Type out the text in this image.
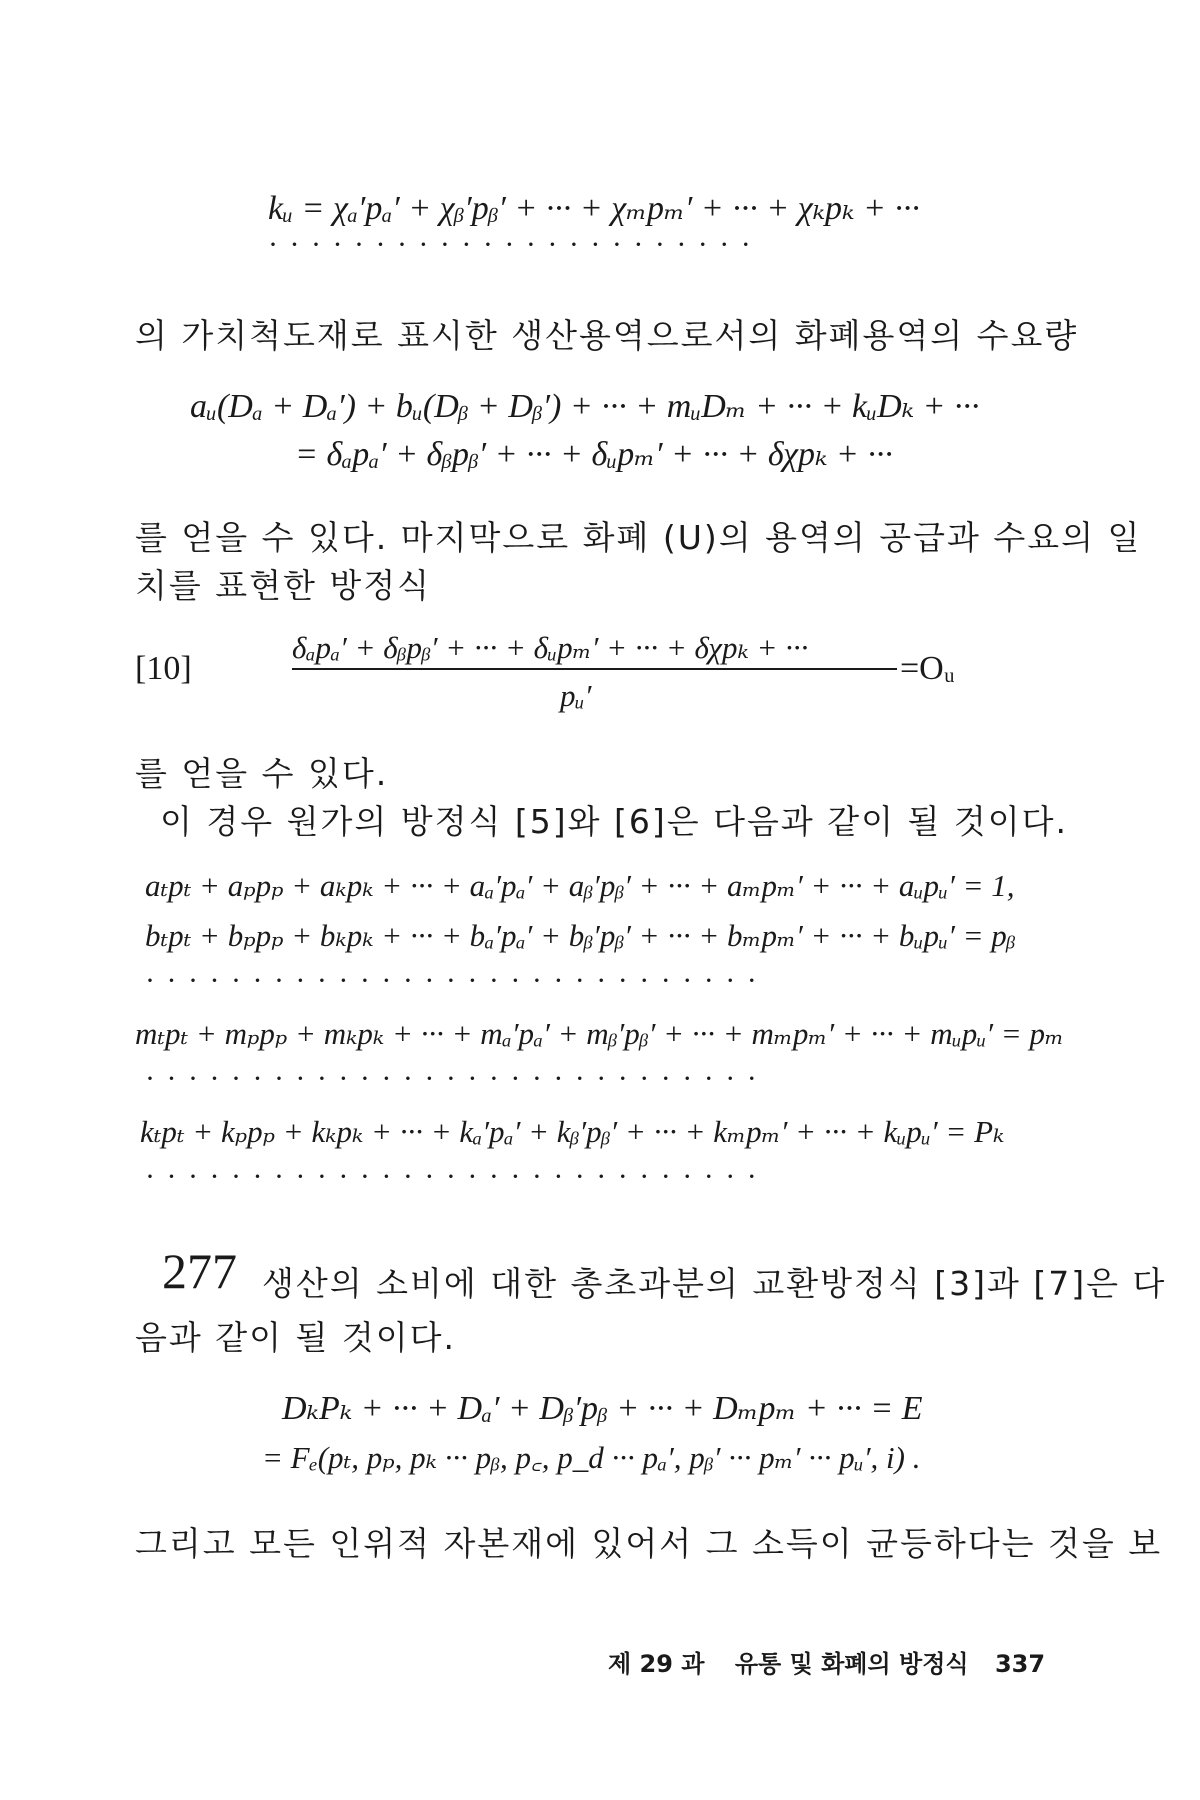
kᵤ = χₐ′pₐ′ + χᵦ′pᵦ′ + ··· + χₘpₘ′ + ··· + χₖpₖ + ···
· · · · · · · · · · · · · · · · · · · · · · ·
의 가치척도재로 표시한 생산용역으로서의 화폐용역의 수요량
aᵤ(Dₐ + Dₐ′) + bᵤ(Dᵦ + Dᵦ′) + ··· + mᵤDₘ + ··· + kᵤDₖ + ···
= δₐpₐ′ + δᵦpᵦ′ + ··· + δᵤpₘ′ + ··· + δχpₖ + ···
를 얻을 수 있다. 마지막으로 화폐 (U)의 용역의 공급과 수요의 일
치를 표현한 방정식
[10]
δₐpₐ′ + δᵦpᵦ′ + ··· + δᵤpₘ′ + ··· + δχpₖ + ···
pᵤ′
=Oᵤ
를 얻을 수 있다.
이 경우 원가의 방정식 [5]와 [6]은 다음과 같이 될 것이다.
aₜpₜ + aₚpₚ + aₖpₖ + ··· + aₐ′pₐ′ + aᵦ′pᵦ′ + ··· + aₘpₘ′ + ··· + aᵤpᵤ′ = 1,
bₜpₜ + bₚpₚ + bₖpₖ + ··· + bₐ′pₐ′ + bᵦ′pᵦ′ + ··· + bₘpₘ′ + ··· + bᵤpᵤ′ = pᵦ
· · · · · · · · · · · · · · · · · · · · · · · · · · · · ·
mₜpₜ + mₚpₚ + mₖpₖ + ··· + mₐ′pₐ′ + mᵦ′pᵦ′ + ··· + mₘpₘ′ + ··· + mᵤpᵤ′ = pₘ
· · · · · · · · · · · · · · · · · · · · · · · · · · · · ·
kₜpₜ + kₚpₚ + kₖpₖ + ··· + kₐ′pₐ′ + kᵦ′pᵦ′ + ··· + kₘpₘ′ + ··· + kᵤpᵤ′ = Pₖ
· · · · · · · · · · · · · · · · · · · · · · · · · · · · ·
277 생산의 소비에 대한 총초과분의 교환방정식 [3]과 [7]은 다
음과 같이 될 것이다.
DₖPₖ + ··· + Dₐ′ + Dᵦ′pᵦ + ··· + Dₘpₘ + ··· = E
= Fₑ(pₜ, pₚ, pₖ ··· pᵦ, p꜀, p_d ··· pₐ′, pᵦ′ ··· pₘ′ ··· pᵤ′, i) .
그리고 모든 인위적 자본재에 있어서 그 소득이 균등하다는 것을 보
제 29 과 유통 및 화폐의 방정식 337
